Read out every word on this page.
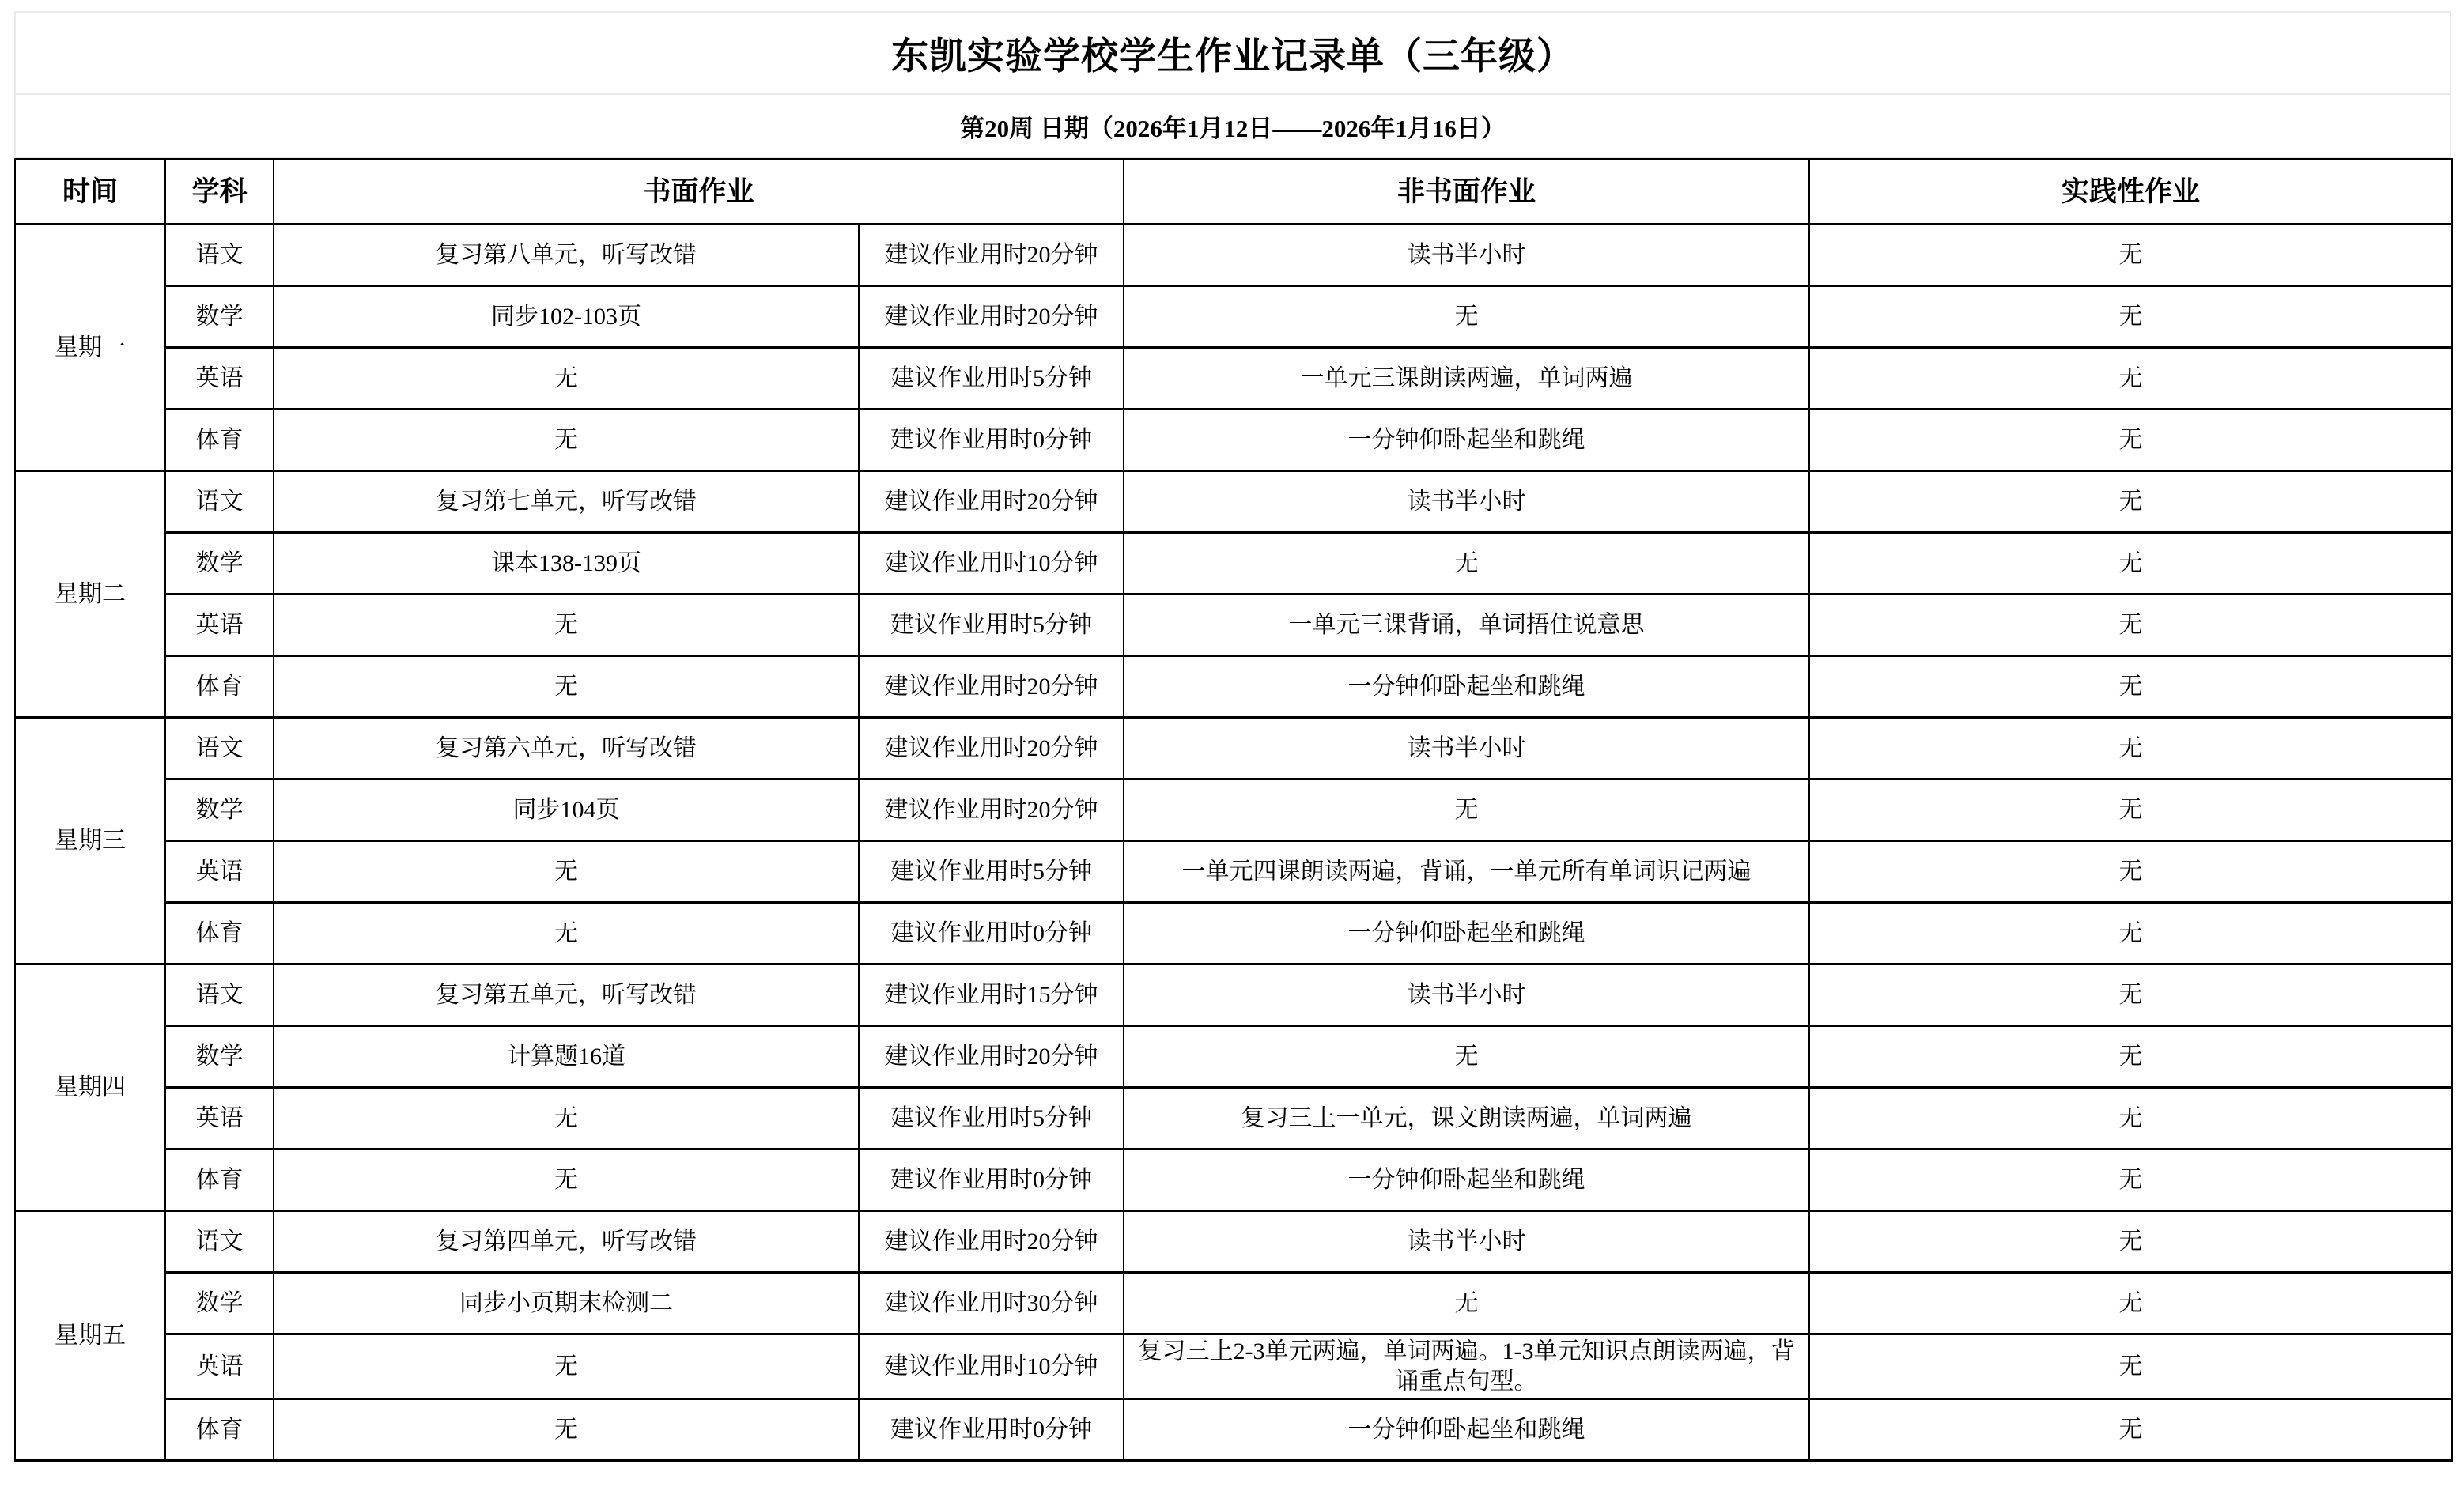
东凯实验学校学生作业记录单（三年级）
第20周 日期（2026年1月12日——2026年1月16日）
时间	学科	书面作业		非书面作业	实践性作业
星期一	语文	复习第八单元，听写改错	建议作业用时20分钟	读书半小时	无
	数学	同步102-103页	建议作业用时20分钟	无	无
	英语	无	建议作业用时5分钟	一单元三课朗读两遍，单词两遍	无
	体育	无	建议作业用时0分钟	一分钟仰卧起坐和跳绳	无
星期二	语文	复习第七单元，听写改错	建议作业用时20分钟	读书半小时	无
	数学	课本138-139页	建议作业用时10分钟	无	无
	英语	无	建议作业用时5分钟	一单元三课背诵，单词捂住说意思	无
	体育	无	建议作业用时20分钟	一分钟仰卧起坐和跳绳	无
星期三	语文	复习第六单元，听写改错	建议作业用时20分钟	读书半小时	无
	数学	同步104页	建议作业用时20分钟	无	无
	英语	无	建议作业用时5分钟	一单元四课朗读两遍，背诵，一单元所有单词识记两遍	无
	体育	无	建议作业用时0分钟	一分钟仰卧起坐和跳绳	无
星期四	语文	复习第五单元，听写改错	建议作业用时15分钟	读书半小时	无
	数学	计算题16道	建议作业用时20分钟	无	无
	英语	无	建议作业用时5分钟	复习三上一单元，课文朗读两遍，单词两遍	无
	体育	无	建议作业用时0分钟	一分钟仰卧起坐和跳绳	无
星期五	语文	复习第四单元，听写改错	建议作业用时20分钟	读书半小时	无
	数学	同步小页期末检测二	建议作业用时30分钟	无	无
	英语	无	建议作业用时10分钟	复习三上2-3单元两遍，单词两遍。1-3单元知识点朗读两遍，背诵重点句型。	无
	体育	无	建议作业用时0分钟	一分钟仰卧起坐和跳绳	无
